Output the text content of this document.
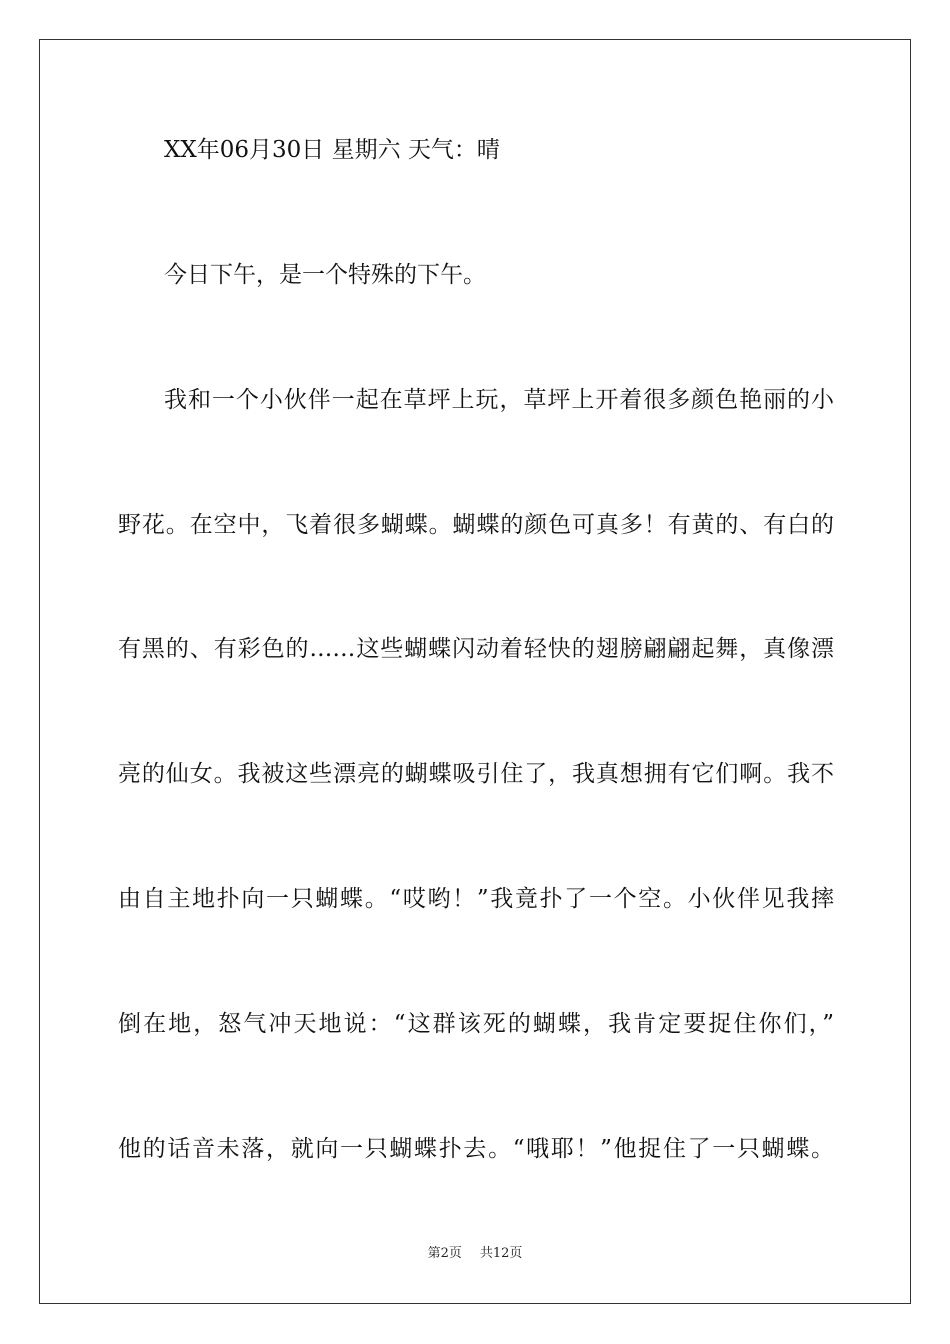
XX年06月30日 星期六 天气：晴
今日下午，是一个特殊的下午。
我和一个小伙伴一起在草坪上玩，草坪上开着很多颜色艳丽的小
野花。在空中，飞着很多蝴蝶。蝴蝶的颜色可真多！有黄的、有白的
有黑的、有彩色的……这些蝴蝶闪动着轻快的翅膀翩翩起舞，真像漂
亮的仙女。我被这些漂亮的蝴蝶吸引住了，我真想拥有它们啊。我不
由自主地扑向一只蝴蝶。“哎哟！”我竟扑了一个空。小伙伴见我摔
倒在地，怒气冲天地说：“这群该死的蝴蝶，我肯定要捉住你们，”
他的话音未落，就向一只蝴蝶扑去。“哦耶！”他捉住了一只蝴蝶。
第2页 共12页
